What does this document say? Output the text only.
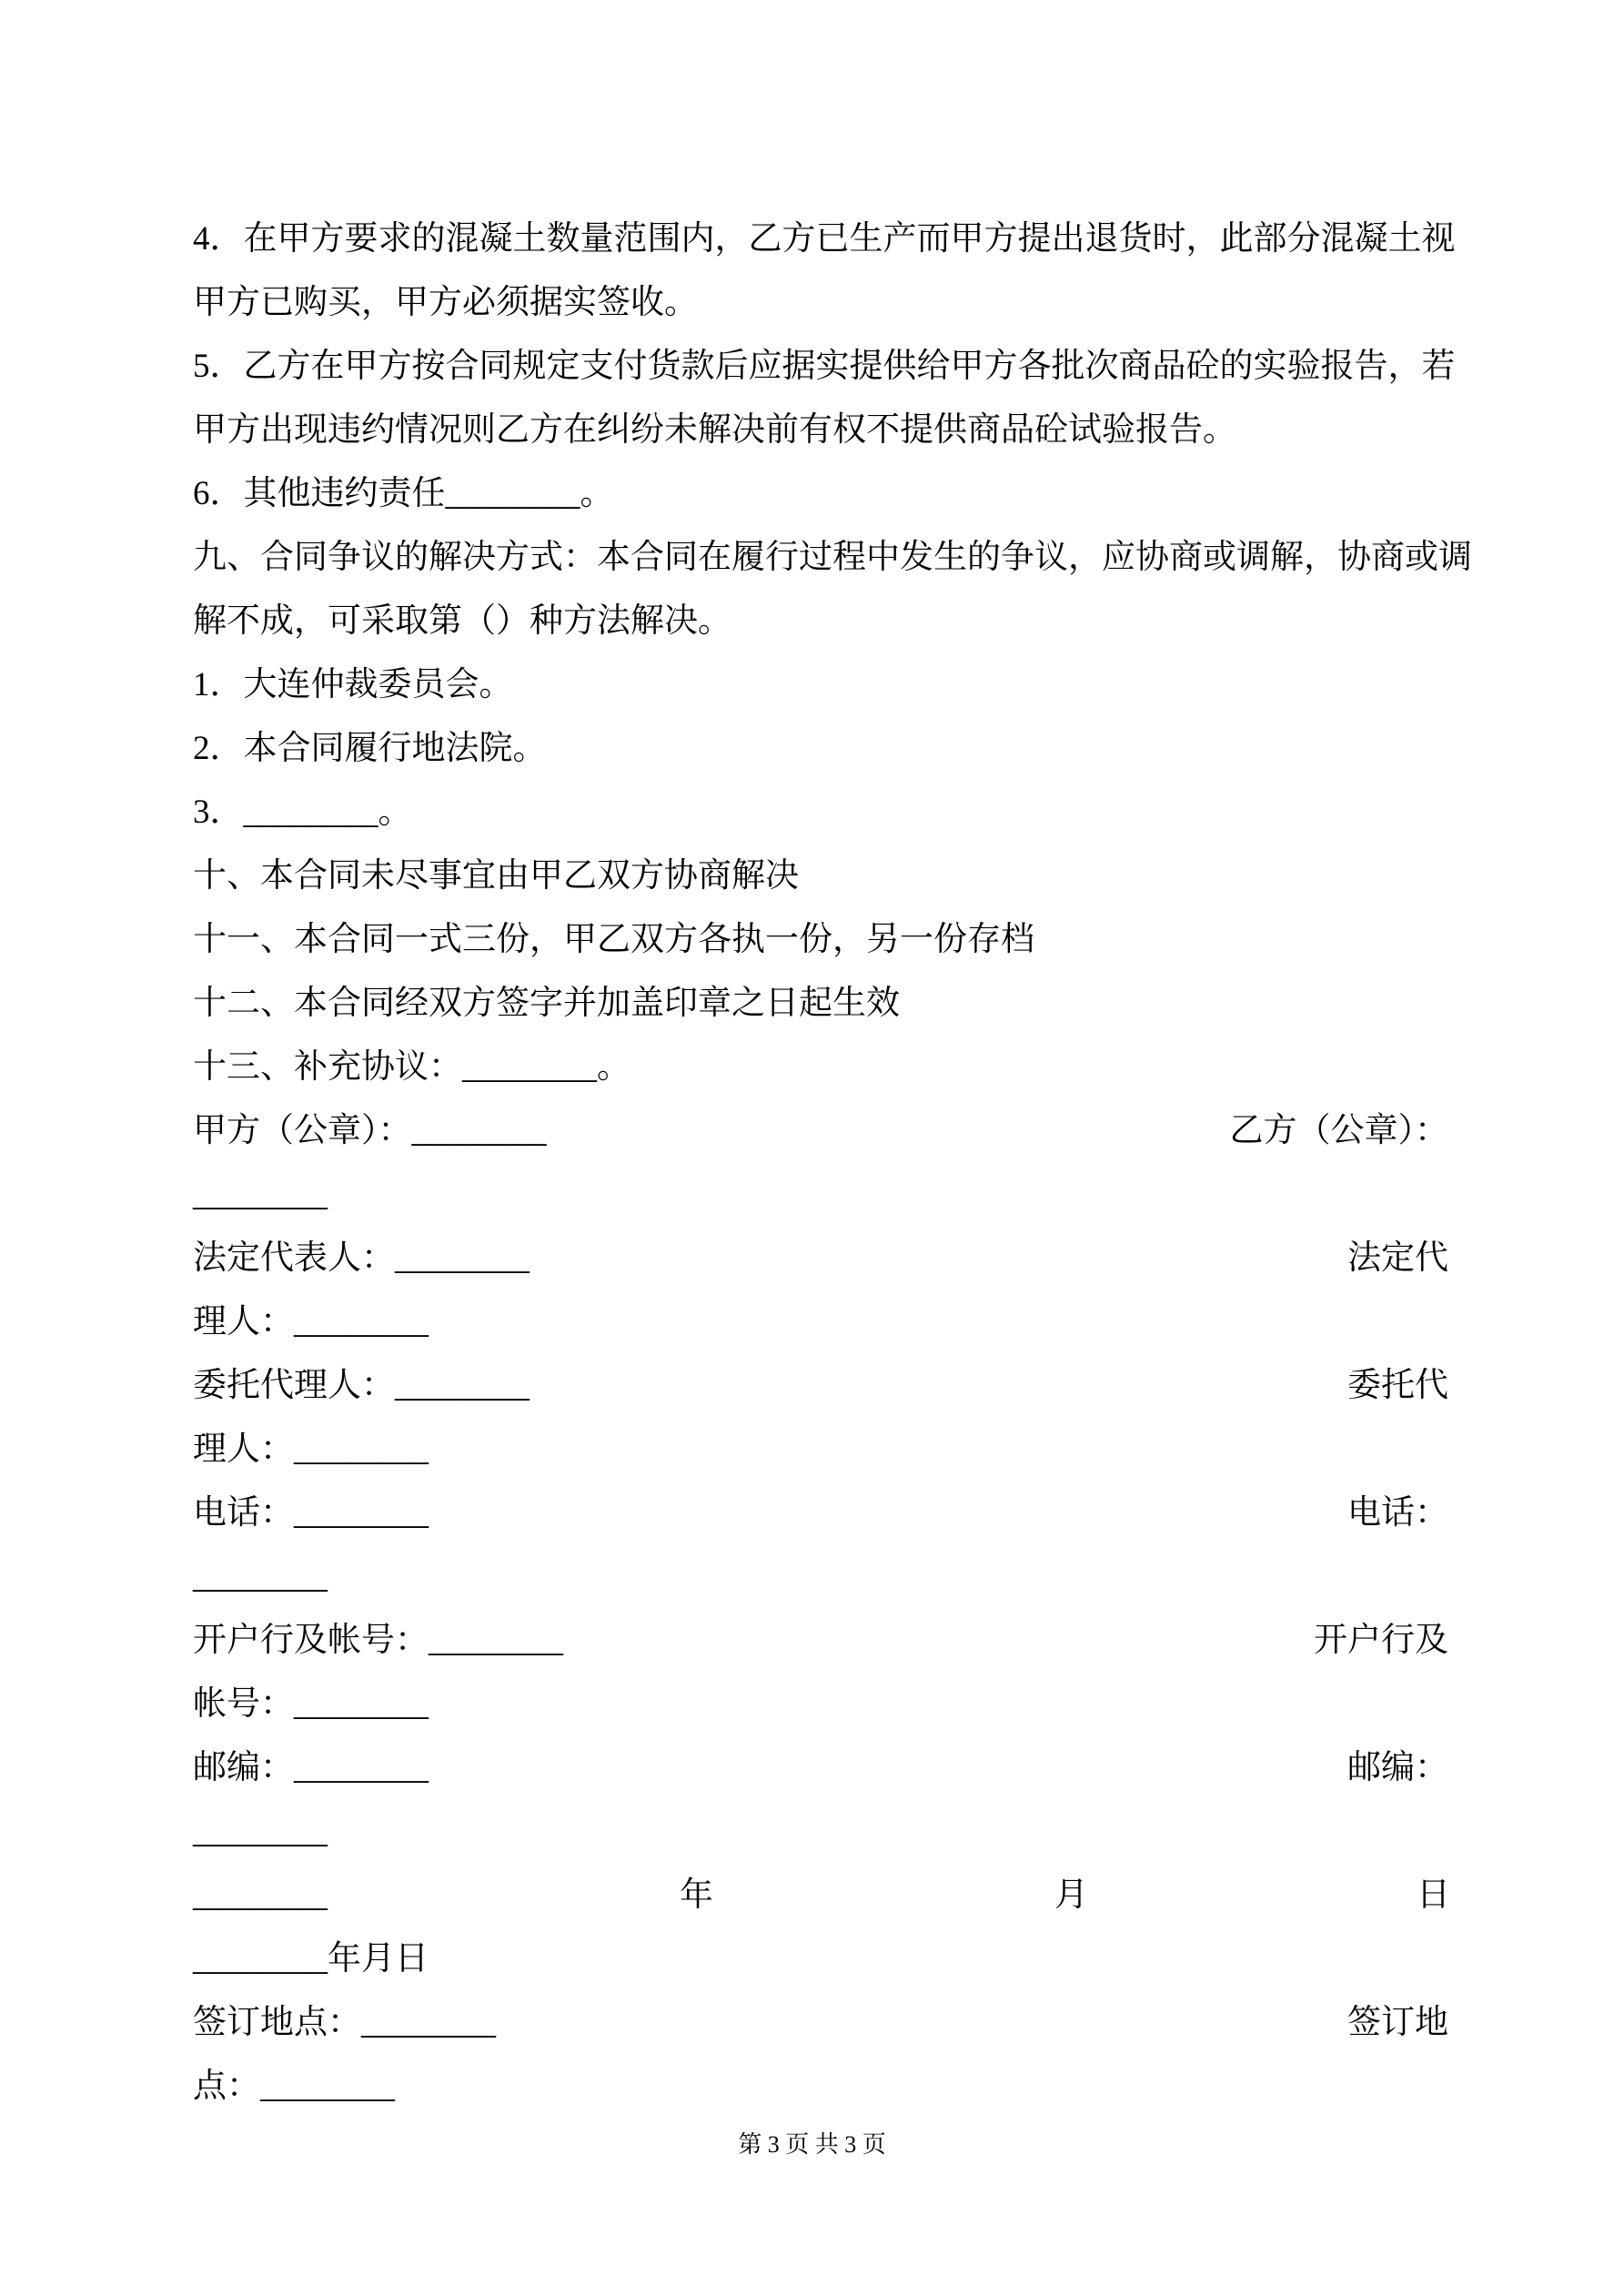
4．在甲方要求的混凝土数量范围内，乙方已生产而甲方提出退货时，此部分混凝土视
甲方已购买，甲方必须据实签收。
5．乙方在甲方按合同规定支付货款后应据实提供给甲方各批次商品砼的实验报告，若
甲方出现违约情况则乙方在纠纷未解决前有权不提供商品砼试验报告。
6．其他违约责任________。
九、合同争议的解决方式：本合同在履行过程中发生的争议，应协商或调解，协商或调
解不成，可采取第（）种方法解决。
1．大连仲裁委员会。
2．本合同履行地法院。
3．________。
十、本合同未尽事宜由甲乙双方协商解决
十一、本合同一式三份，甲乙双方各执一份，另一份存档
十二、本合同经双方签字并加盖印章之日起生效
十三、补充协议：________。
甲方（公章）：________	乙方（公章）：
________
法定代表人：________	法定代
理人：________
委托代理人：________	委托代
理人：________
电话：________	电话：
________
开户行及帐号：________	开户行及
帐号：________
邮编：________	邮编：
________
________	年	月	日
________年月日
签订地点：________	签订地
点：________
第 3 页 共 3 页
